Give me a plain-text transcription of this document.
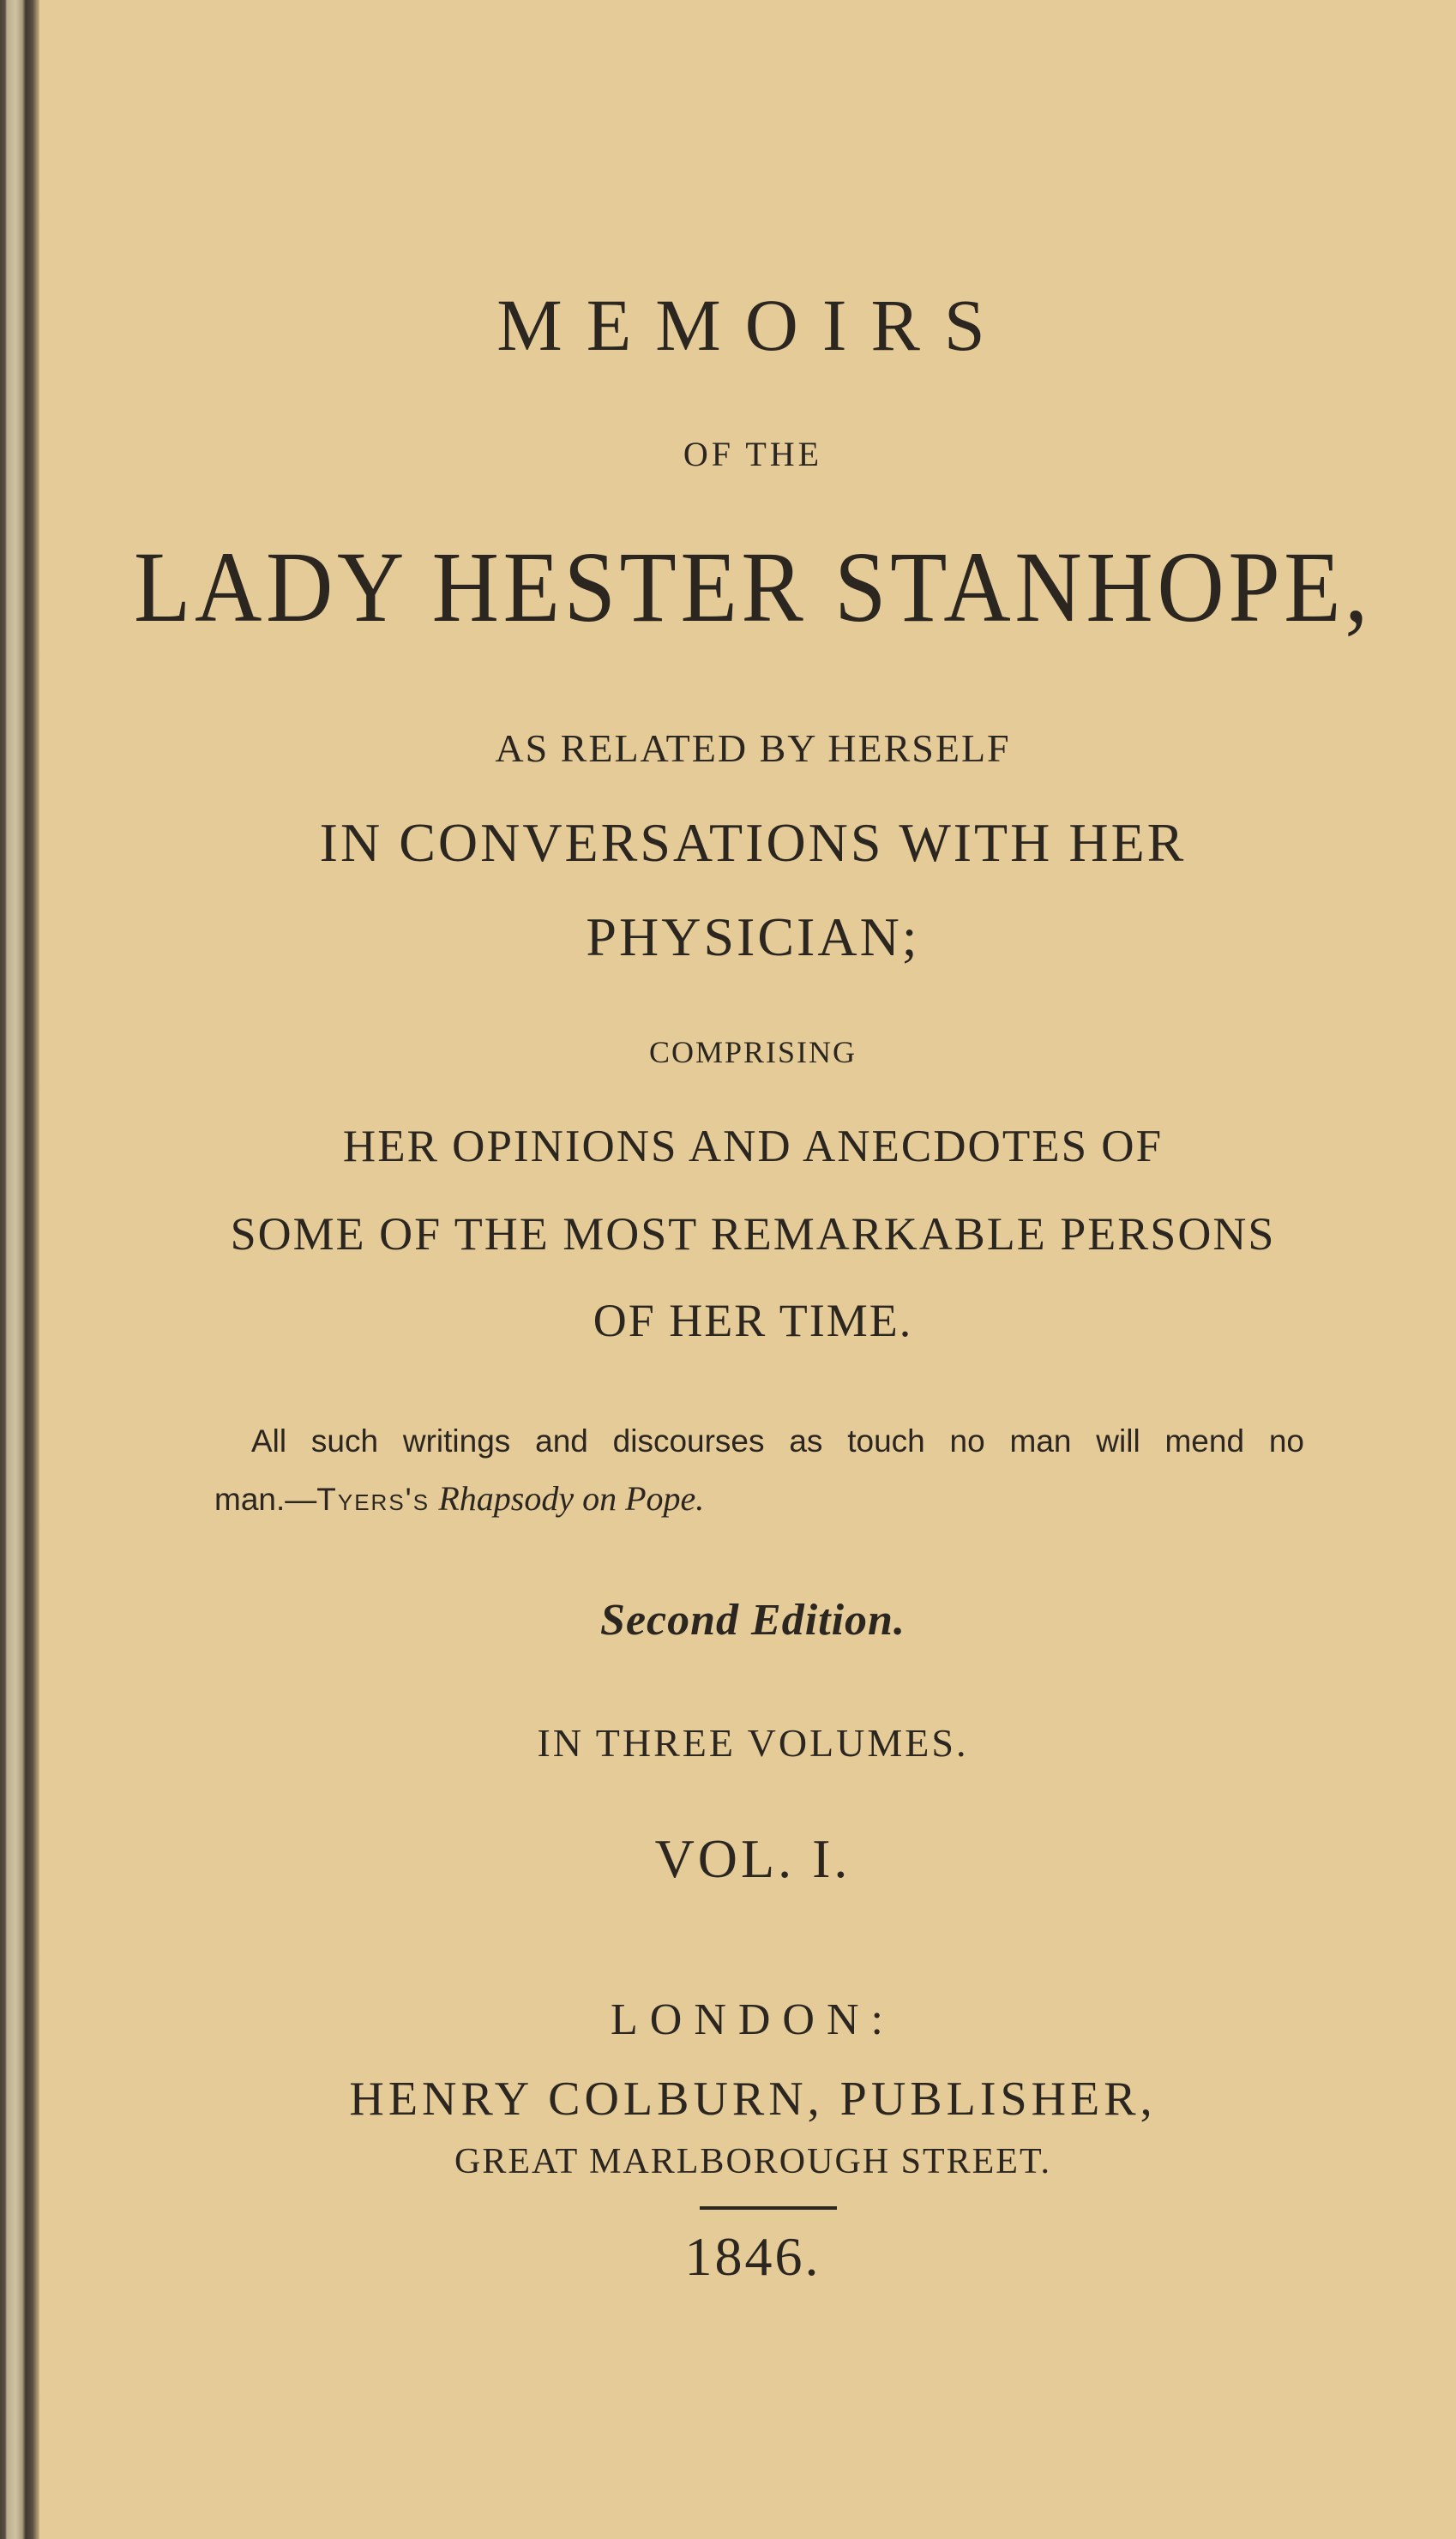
MEMOIRS
OF THE
LADY HESTER STANHOPE,
AS RELATED BY HERSELF
IN CONVERSATIONS WITH HER
PHYSICIAN;
COMPRISING
HER OPINIONS AND ANECDOTES OF
SOME OF THE MOST REMARKABLE PERSONS
OF HER TIME.
All such writings and discourses as touch no man will mend no
man.—Tyers's Rhapsody on Pope.
Second Edition.
IN THREE VOLUMES.
VOL. I.
LONDON:
HENRY COLBURN, PUBLISHER,
GREAT MARLBOROUGH STREET.
1846.
